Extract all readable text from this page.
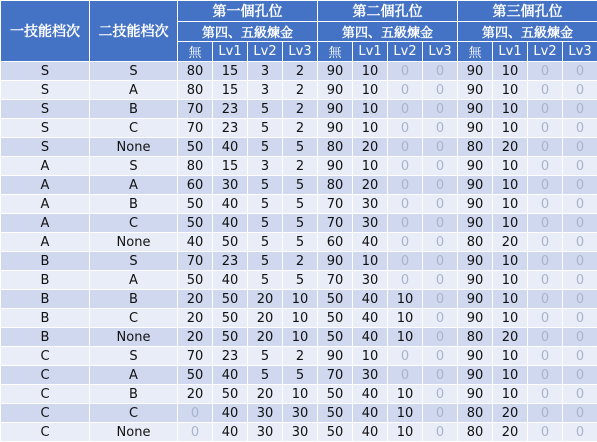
一技能档次	二技能档次	第一個孔位				第二個孔位				第三個孔位			
		第四、五級煉金				第四、五級煉金				第四、五級煉金			
		無	Lv1	Lv2	Lv3	無	Lv1	Lv2	Lv3	無	Lv1	Lv2	Lv3
S	S	80	15	3	2	90	10	0	0	90	10	0	0
S	A	80	15	3	2	90	10	0	0	90	10	0	0
S	B	70	23	5	2	90	10	0	0	90	10	0	0
S	C	70	23	5	2	90	10	0	0	90	10	0	0
S	None	50	40	5	5	80	20	0	0	80	20	0	0
A	S	80	15	3	2	90	10	0	0	90	10	0	0
A	A	60	30	5	5	80	20	0	0	90	10	0	0
A	B	50	40	5	5	70	30	0	0	90	10	0	0
A	C	50	40	5	5	70	30	0	0	90	10	0	0
A	None	40	50	5	5	60	40	0	0	80	20	0	0
B	S	70	23	5	2	90	10	0	0	90	10	0	0
B	A	50	40	5	5	70	30	0	0	90	10	0	0
B	B	20	50	20	10	50	40	10	0	90	10	0	0
B	C	20	50	20	10	50	40	10	0	90	10	0	0
B	None	20	50	20	10	50	40	10	0	80	20	0	0
C	S	70	23	5	2	90	10	0	0	90	10	0	0
C	A	50	40	5	5	70	30	0	0	90	10	0	0
C	B	20	50	20	10	50	40	10	0	90	10	0	0
C	C	0	40	30	30	50	40	10	0	80	20	0	0
C	None	0	40	30	30	50	40	10	0	80	20	0	0
